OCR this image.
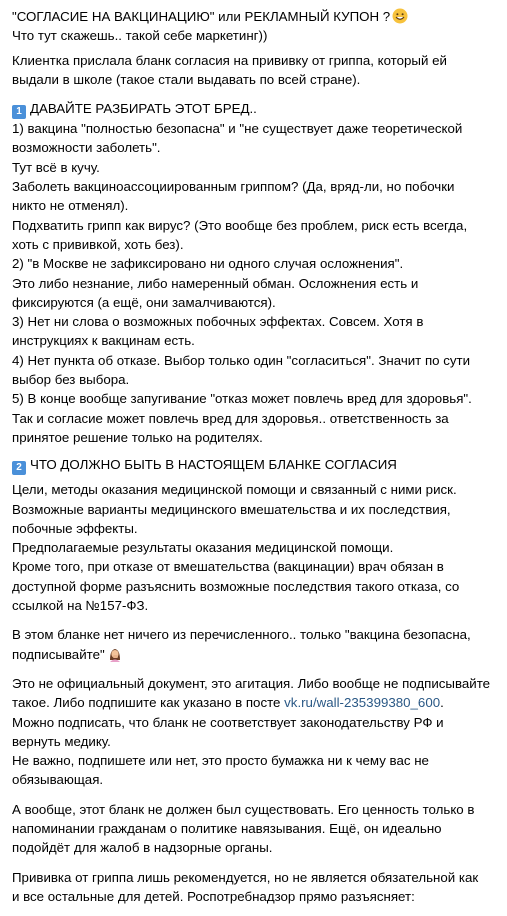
"СОГЛАСИЕ НА ВАКЦИНАЦИЮ" или РЕКЛАМНЫЙ КУПОН ?
Что тут скажешь.. такой себе маркетинг))
Клиентка прислала бланк согласия на прививку от гриппа, который ей
выдали в школе (такое стали выдавать по всей стране).
1 ДАВАЙТЕ РАЗБИРАТЬ ЭТОТ БРЕД..
1) вакцина "полностью безопасна" и "не существует даже теоретической
возможности заболеть".
Тут всё в кучу.
Заболеть вакциноассоциированным гриппом? (Да, вряд-ли, но побочки
никто не отменял).
Подхватить грипп как вирус? (Это вообще без проблем, риск есть всегда,
хоть с прививкой, хоть без).
2) "в Москве не зафиксировано ни одного случая осложнения".
Это либо незнание, либо намеренный обман. Осложнения есть и
фиксируются (а ещё, они замалчиваются).
3) Нет ни слова о возможных побочных эффектах. Совсем. Хотя в
инструкциях к вакцинам есть.
4) Нет пункта об отказе. Выбор только один "согласиться". Значит по сути
выбор без выбора.
5) В конце вообще запугивание "отказ может повлечь вред для здоровья".
Так и согласие может повлечь вред для здоровья.. ответственность за
принятое решение только на родителях.
2 ЧТО ДОЛЖНО БЫТЬ В НАСТОЯЩЕМ БЛАНКЕ СОГЛАСИЯ
Цели, методы оказания медицинской помощи и связанный с ними риск.
Возможные варианты медицинского вмешательства и их последствия,
побочные эффекты.
Предполагаемые результаты оказания медицинской помощи.
Кроме того, при отказе от вмешательства (вакцинации) врач обязан в
доступной форме разъяснить возможные последствия такого отказа, со
ссылкой на №157-ФЗ.
В этом бланке нет ничего из перечисленного.. только "вакцина безопасна,
подписывайте"
Это не официальный документ, это агитация. Либо вообще не подписывайте
такое. Либо подпишите как указано в посте vk.ru/wall-235399380_600.
Можно подписать, что бланк не соответствует законодательству РФ и
вернуть медику.
Не важно, подпишете или нет, это просто бумажка ни к чему вас не
обязывающая.
А вообще, этот бланк не должен был существовать. Его ценность только в
напоминании гражданам о политике навязывания. Ещё, он идеально
подойдёт для жалоб в надзорные органы.
Прививка от гриппа лишь рекомендуется, но не является обязательной как
и все остальные для детей. Роспотребнадзор прямо разъясняет:
